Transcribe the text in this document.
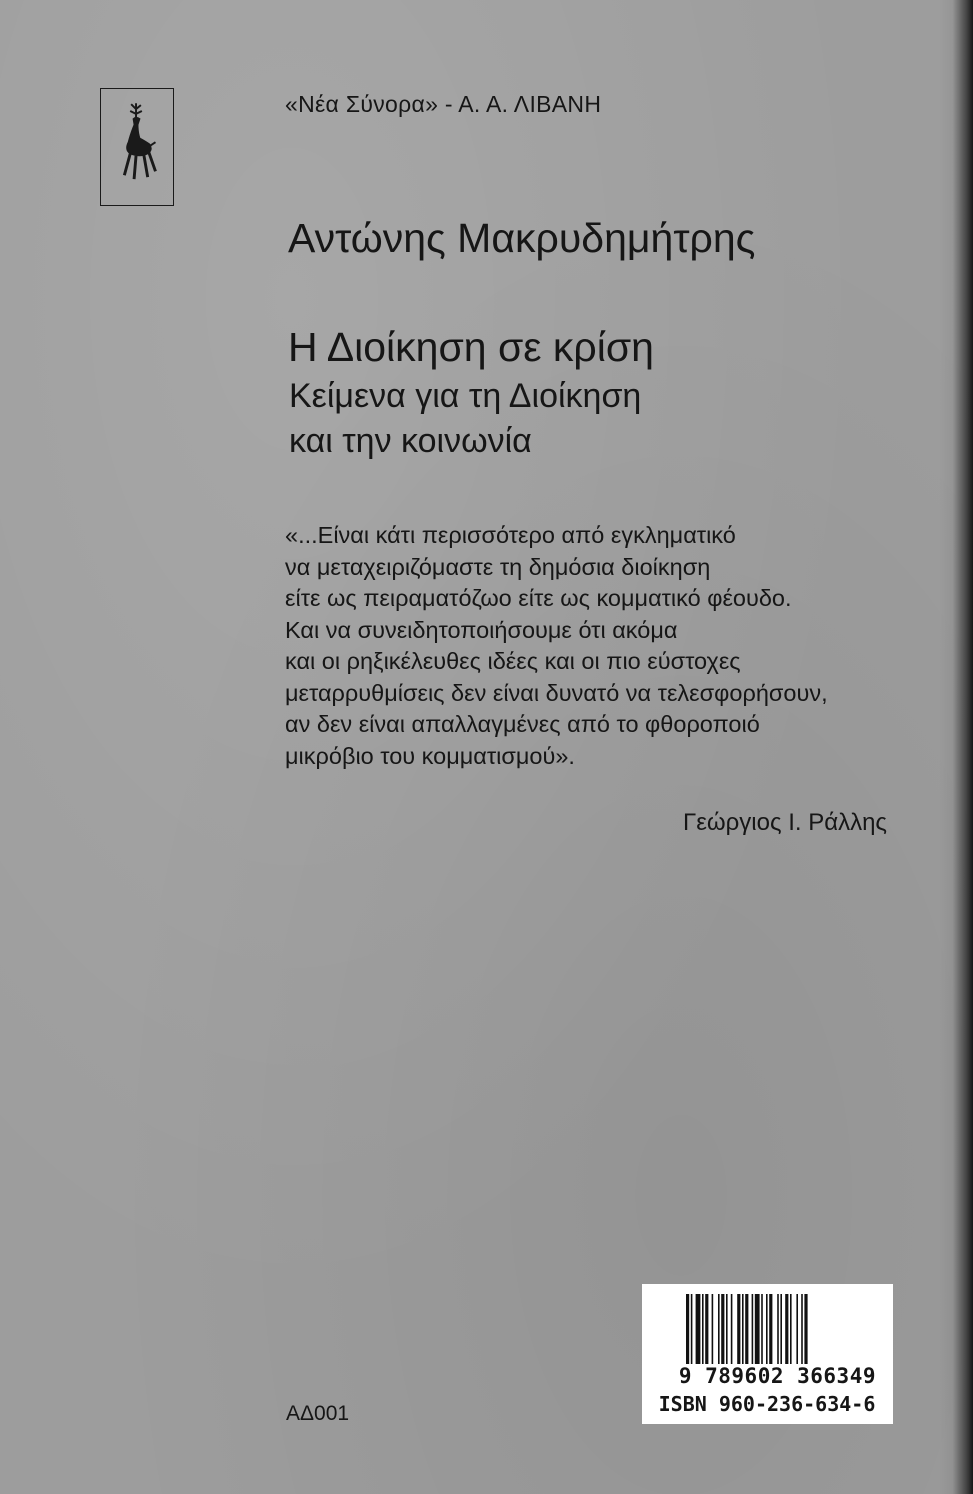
«Νέα Σύνορα» - Α. Α. ΛΙΒΑΝΗ
Αντώνης Μακρυδημήτρης
Η Διοίκηση σε κρίση
Κείμενα για τη Διοίκηση
και την κοινωνία
«...Είναι κάτι περισσότερο από εγκληματικό
να μεταχειριζόμαστε τη δημόσια διοίκηση
είτε ως πειραματόζωο είτε ως κομματικό φέουδο.
Και να συνειδητοποιήσουμε ότι ακόμα
και οι ρηξικέλευθες ιδέες και οι πιο εύστοχες
μεταρρυθμίσεις δεν είναι δυνατό να τελεσφορήσουν,
αν δεν είναι απαλλαγμένες από το φθοροποιό
μικρόβιο του κομματισμού».
Γεώργιος Ι. Ράλλης
ΑΔ001
9 789602 366349
ISBN 960-236-634-6
